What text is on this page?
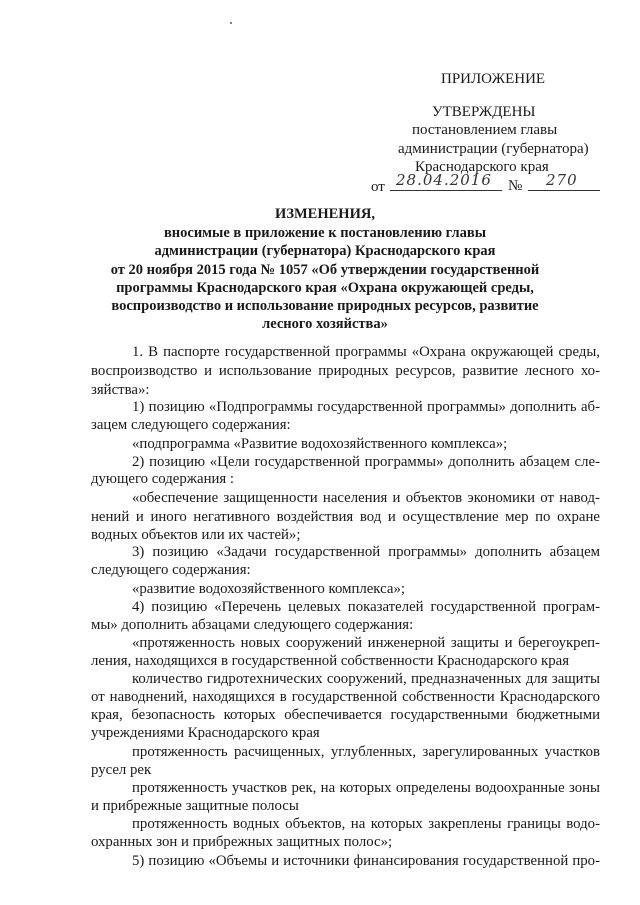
ПРИЛОЖЕНИЕ
УТВЕРЖДЕНЫ
постановлением главы
администрации (губернатора)
Краснодарского края
от 28.04.2016 № 270
ИЗМЕНЕНИЯ,
вносимые в приложение к постановлению главы
администрации (губернатора) Краснодарского края
от 20 ноября 2015 года № 1057 «Об утверждении государственной
программы Краснодарского края «Охрана окружающей среды,
воспроизводство и использование природных ресурсов, развитие
лесного хозяйства»
1. В паспорте государственной программы «Охрана окружающей среды,
воспроизводство и использование природных ресурсов, развитие лесного хо-
зяйства»:
1) позицию «Подпрограммы государственной программы» дополнить аб-
зацем следующего содержания:
«подпрограмма «Развитие водохозяйственного комплекса»;
2) позицию «Цели государственной программы» дополнить абзацем сле-
дующего содержания :
«обеспечение защищенности населения и объектов экономики от навод-
нений и иного негативного воздействия вод и осуществление мер по охране
водных объектов или их частей»;
3) позицию «Задачи государственной программы» дополнить абзацем
следующего содержания:
«развитие водохозяйственного комплекса»;
4) позицию «Перечень целевых показателей государственной програм-
мы» дополнить абзацами следующего содержания:
«протяженность новых сооружений инженерной защиты и берегоукреп-
ления, находящихся в государственной собственности Краснодарского края
количество гидротехнических сооружений, предназначенных для защиты
от наводнений, находящихся в государственной собственности Краснодарского
края, безопасность которых обеспечивается государственными бюджетными
учреждениями Краснодарского края
протяженность расчищенных, углубленных, зарегулированных участков
русел рек
протяженность участков рек, на которых определены водоохранные зоны
и прибрежные защитные полосы
протяженность водных объектов, на которых закреплены границы водо-
охранных зон и прибрежных защитных полос»;
5) позицию «Объемы и источники финансирования государственной про-
